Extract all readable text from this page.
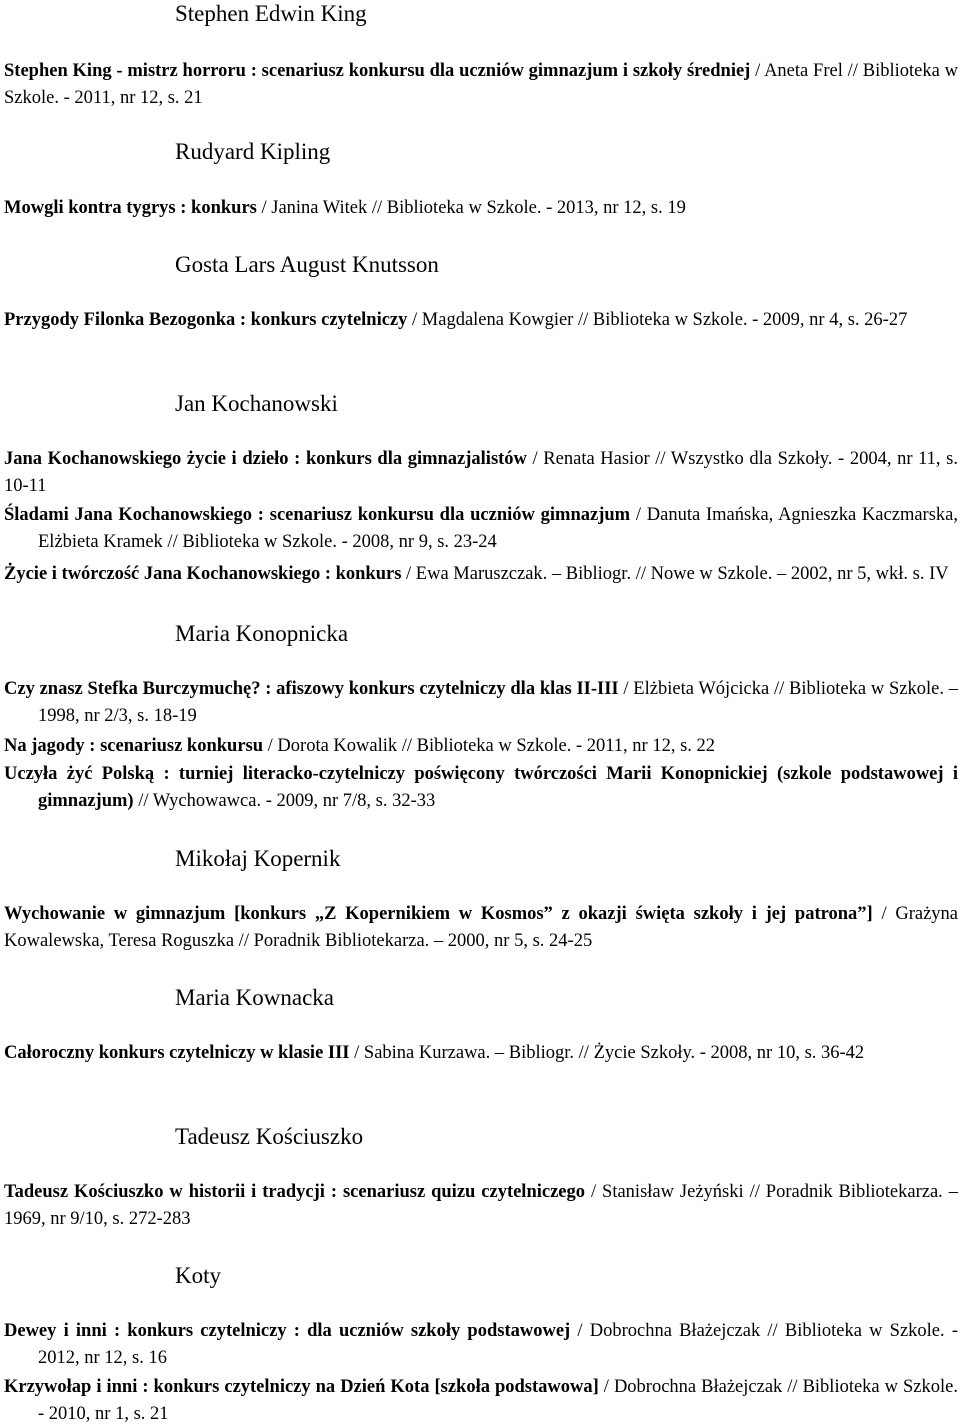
Stephen Edwin King
Stephen King - mistrz horroru : scenariusz konkursu dla uczniów gimnazjum i szkoły średniej / Aneta Frel // Biblioteka w Szkole. - 2011, nr 12, s. 21
Rudyard Kipling
Mowgli kontra tygrys : konkurs / Janina Witek // Biblioteka w Szkole. - 2013, nr 12, s. 19
Gosta Lars August Knutsson
Przygody Filonka Bezogonka : konkurs czytelniczy / Magdalena Kowgier // Biblioteka w Szkole. - 2009, nr 4, s. 26-27
Jan Kochanowski
Jana Kochanowskiego życie i dzieło : konkurs dla gimnazjalistów / Renata Hasior // Wszystko dla Szkoły. - 2004, nr 11, s. 10-11
Śladami Jana Kochanowskiego : scenariusz konkursu dla uczniów gimnazjum / Danuta Imańska, Agnieszka Kaczmarska, Elżbieta Kramek // Biblioteka w Szkole. - 2008, nr 9, s. 23-24
Życie i twórczość Jana Kochanowskiego : konkurs / Ewa Maruszczak. – Bibliogr. // Nowe w Szkole. – 2002, nr 5, wkł. s. IV
Maria Konopnicka
Czy znasz Stefka Burczymuchę? : afiszowy konkurs czytelniczy dla klas II-III / Elżbieta Wójcicka // Biblioteka w Szkole. – 1998, nr 2/3, s. 18-19
Na jagody : scenariusz konkursu / Dorota Kowalik // Biblioteka w Szkole. - 2011, nr 12, s. 22
Uczyła żyć Polską : turniej literacko-czytelniczy poświęcony twórczości Marii Konopnickiej (szkole podstawowej i gimnazjum) // Wychowawca. - 2009, nr 7/8, s. 32-33
Mikołaj Kopernik
Wychowanie w gimnazjum [konkurs „Z Kopernikiem w Kosmos” z okazji święta szkoły i jej patrona”] / Grażyna Kowalewska, Teresa Roguszka // Poradnik Bibliotekarza. – 2000, nr 5, s. 24-25
Maria Kownacka
Całoroczny konkurs czytelniczy w klasie III / Sabina Kurzawa. – Bibliogr. // Życie Szkoły. - 2008, nr 10, s. 36-42
Tadeusz Kościuszko
Tadeusz Kościuszko w historii i tradycji : scenariusz quizu czytelniczego / Stanisław Jeżyński // Poradnik Bibliotekarza. – 1969, nr 9/10, s. 272-283
Koty
Dewey i inni : konkurs czytelniczy : dla uczniów szkoły podstawowej / Dobrochna Błażejczak // Biblioteka w Szkole. - 2012, nr 12, s. 16
Krzywołap i inni : konkurs czytelniczy na Dzień Kota [szkoła podstawowa] / Dobrochna Błażejczak // Biblioteka w Szkole. - 2010, nr 1, s. 21
